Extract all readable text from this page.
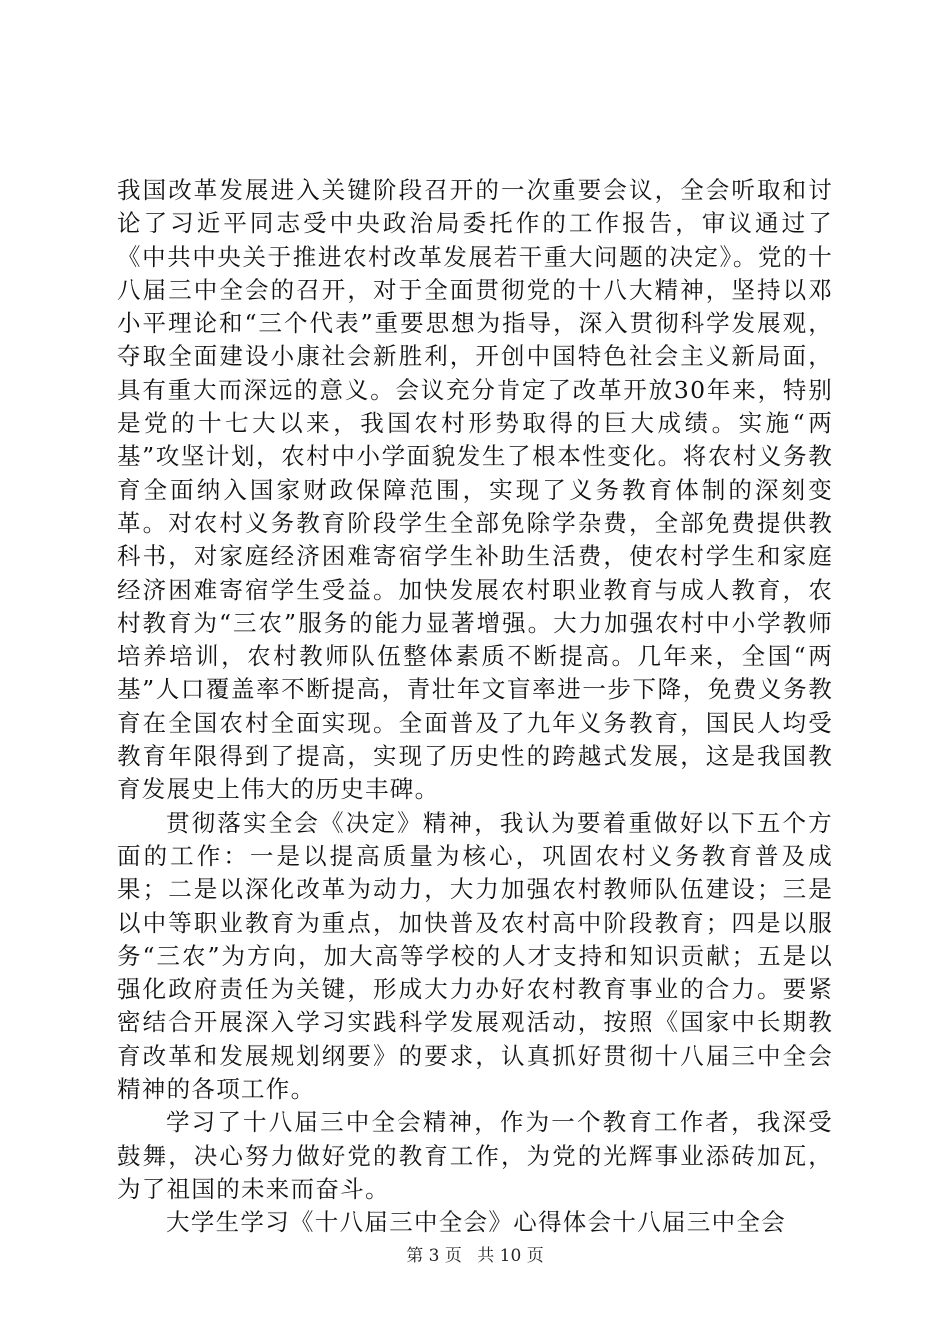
我国改革发展进入关键阶段召开的一次重要会议，全会听取和讨论了习近平同志受中央政治局委托作的工作报告，审议通过了《中共中央关于推进农村改革发展若干重大问题的决定》。党的十八届三中全会的召开，对于全面贯彻党的十八大精神，坚持以邓小平理论和“三个代表”重要思想为指导，深入贯彻科学发展观，夺取全面建设小康社会新胜利，开创中国特色社会主义新局面，具有重大而深远的意义。会议充分肯定了改革开放30年来，特别是党的十七大以来，我国农村形势取得的巨大成绩。实施“两基”攻坚计划，农村中小学面貌发生了根本性变化。将农村义务教育全面纳入国家财政保障范围，实现了义务教育体制的深刻变革。对农村义务教育阶段学生全部免除学杂费，全部免费提供教科书，对家庭经济困难寄宿学生补助生活费，使农村学生和家庭经济困难寄宿学生受益。加快发展农村职业教育与成人教育，农村教育为“三农”服务的能力显著增强。大力加强农村中小学教师培养培训，农村教师队伍整体素质不断提高。几年来，全国“两基”人口覆盖率不断提高，青壮年文盲率进一步下降，免费义务教育在全国农村全面实现。全面普及了九年义务教育，国民人均受教育年限得到了提高，实现了历史性的跨越式发展，这是我国教育发展史上伟大的历史丰碑。

贯彻落实全会《决定》精神，我认为要着重做好以下五个方面的工作：一是以提高质量为核心，巩固农村义务教育普及成果；二是以深化改革为动力，大力加强农村教师队伍建设；三是以中等职业教育为重点，加快普及农村高中阶段教育；四是以服务“三农”为方向，加大高等学校的人才支持和知识贡献；五是以强化政府责任为关键，形成大力办好农村教育事业的合力。要紧密结合开展深入学习实践科学发展观活动，按照《国家中长期教育改革和发展规划纲要》的要求，认真抓好贯彻十八届三中全会精神的各项工作。

学习了十八届三中全会精神，作为一个教育工作者，我深受鼓舞，决心努力做好党的教育工作，为党的光辉事业添砖加瓦，为了祖国的未来而奋斗。

大学生学习《十八届三中全会》心得体会十八届三中全会

第 3 页 共 10 页
